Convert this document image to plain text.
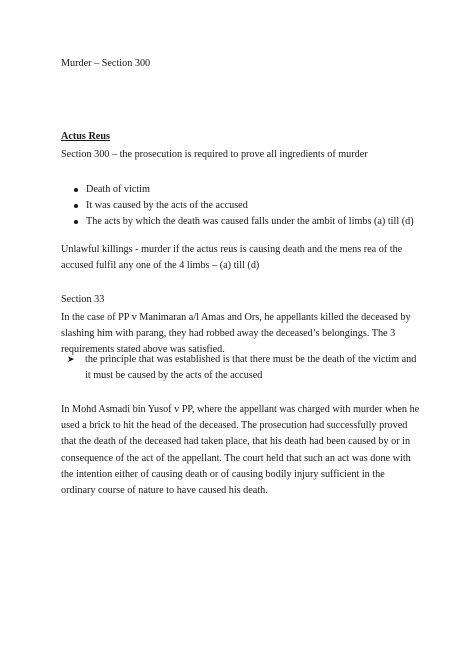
Murder – Section 300

Actus Reus

Section 300 – the prosecution is required to prove all ingredients of murder

Death of victim
It was caused by the acts of the accused
The acts by which the death was caused falls under the ambit of limbs (a) till (d)

Unlawful killings - murder if the actus reus is causing death and the mens rea of the accused fulfil any one of the 4 limbs – (a) till (d)

Section 33

In the case of PP v Manimaran a/l Amas and Ors, he appellants killed the deceased by slashing him with parang, they had robbed away the deceased’s belongings. The 3 requirements stated above was satisfied.

➤ the principle that was established is that there must be the death of the victim and it must be caused by the acts of the accused

In Mohd Asmadi bin Yusof v PP, where the appellant was charged with murder when he used a brick to hit the head of the deceased. The prosecution had successfully proved that the death of the deceased had taken place, that his death had been caused by or in consequence of the act of the appellant. The court held that such an act was done with the intention either of causing death or of causing bodily injury sufficient in the ordinary course of nature to have caused his death.
